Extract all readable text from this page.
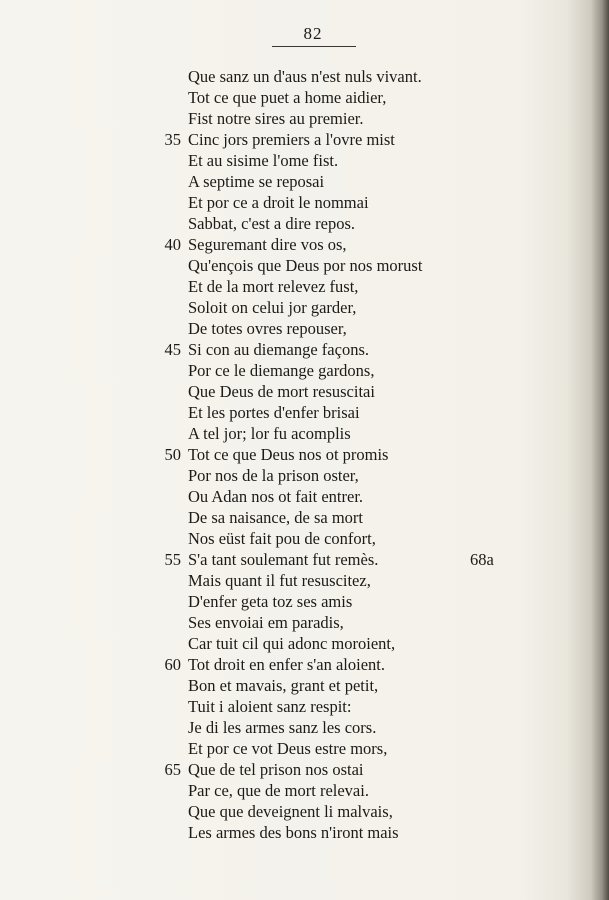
82
Que sanz un d'aus n'est nuls vivant.
Tot ce que puet a home aidier,
Fist notre sires au premier.
35 Cinc jors premiers a l'ovre mist
Et au sisime l'ome fist.
A septime se reposai
Et por ce a droit le nommai
Sabbat, c'est a dire repos.
40 Seguremant dire vos os,
Qu'ençois que Deus por nos morust
Et de la mort relevez fust,
Soloit on celui jor garder,
De totes ovres repouser,
45 Si con au diemange façons.
Por ce le diemange gardons,
Que Deus de mort resuscitai
Et les portes d'enfer brisai
A tel jor; lor fu acomplis
50 Tot ce que Deus nos ot promis
Por nos de la prison oster,
Ou Adan nos ot fait entrer.
De sa naisance, de sa mort
Nos eüst fait pou de confort,
55 S'a tant soulemant fut remès.	68a
Mais quant il fut resuscitez,
D'enfer geta toz ses amis
Ses envoiai em paradis,
Car tuit cil qui adonc moroient,
60 Tot droit en enfer s'an aloient.
Bon et mavais, grant et petit,
Tuit i aloient sanz respit:
Je di les armes sanz les cors.
Et por ce vot Deus estre mors,
65 Que de tel prison nos ostai
Par ce, que de mort relevai.
Que que deveignent li malvais,
Les armes des bons n'iront mais
